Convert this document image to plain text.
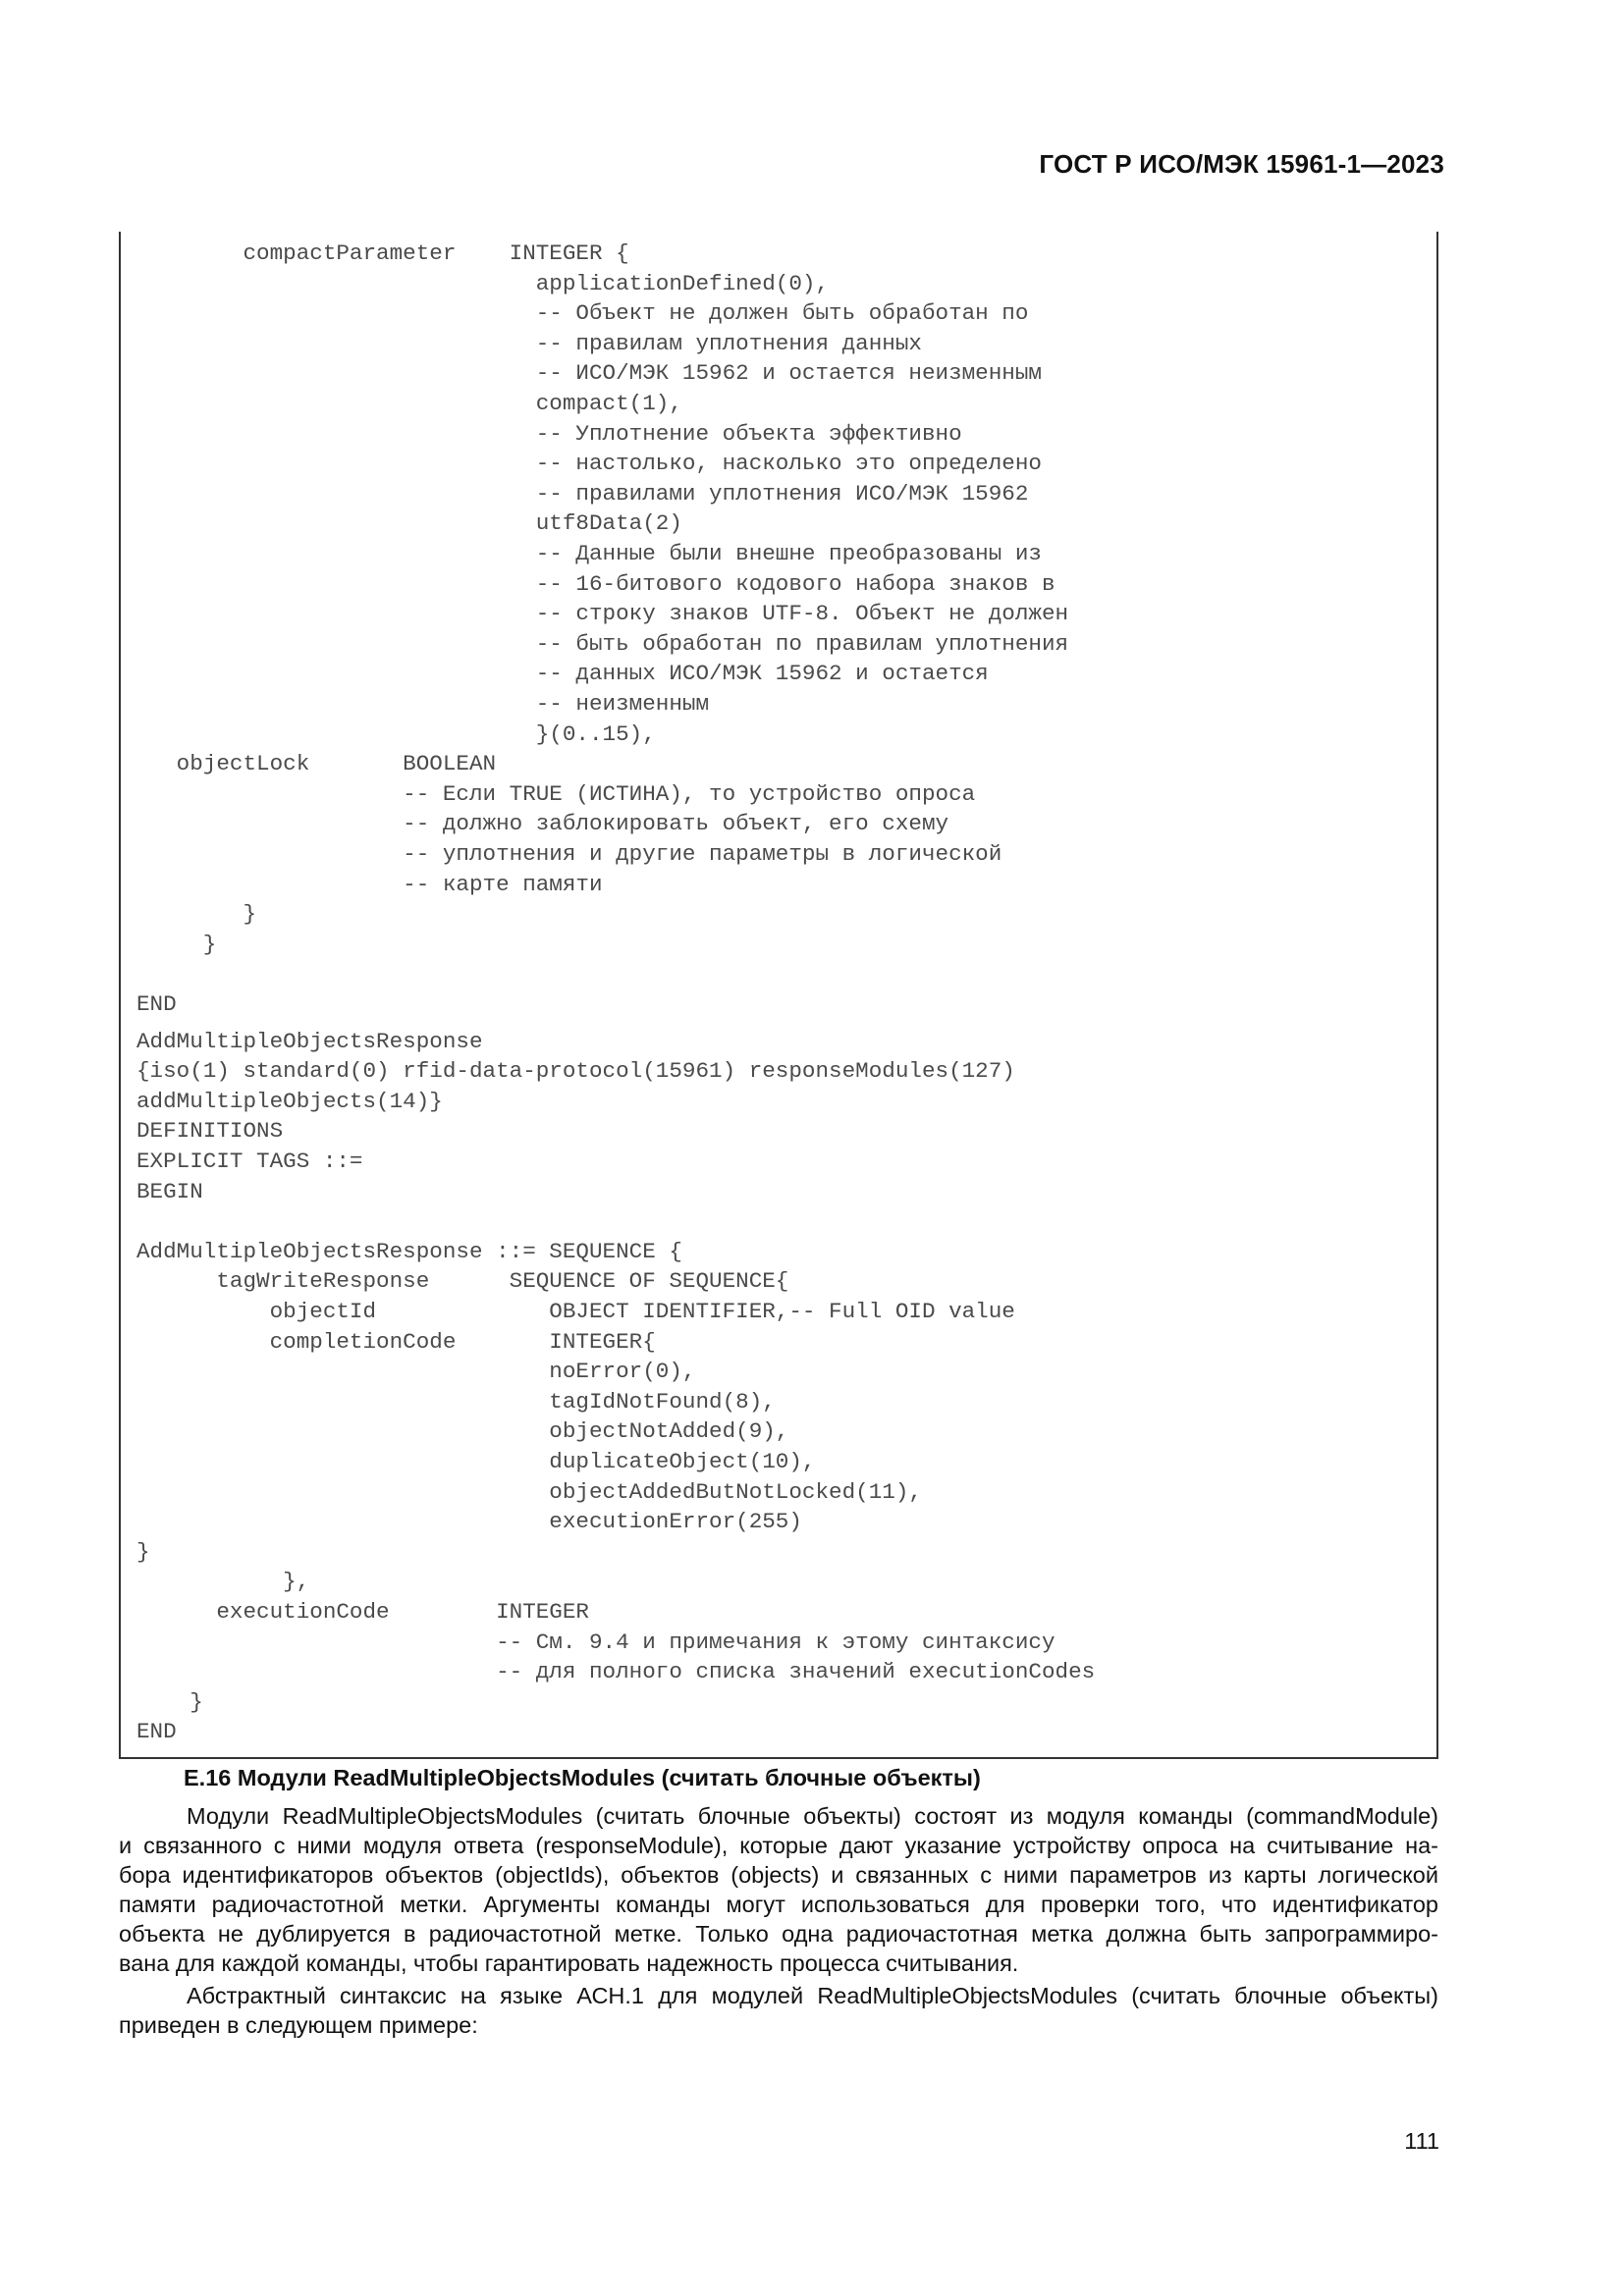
ГОСТ Р ИСО/МЭК 15961-1—2023
compactParameter    INTEGER {
applicationDefined(0),
-- Объект не должен быть обработан по
-- правилам уплотнения данных
-- ИСО/МЭК 15962 и остается неизменным
compact(1),
-- Уплотнение объекта эффективно
-- настолько, насколько это определено
-- правилами уплотнения ИСО/МЭК 15962
utf8Data(2)
-- Данные были внешне преобразованы из
-- 16-битового кодового набора знаков в
-- строку знаков UTF-8. Объект не должен
-- быть обработан по правилам уплотнения
-- данных ИСО/МЭК 15962 и остается
-- неизменным
}(0..15),
objectLock       BOOLEAN
-- Если TRUE (ИСТИНА), то устройство опроса
-- должно заблокировать объект, его схему
-- уплотнения и другие параметры в логической
-- карте памяти
}
}
END
AddMultipleObjectsResponse
{iso(1) standard(0) rfid-data-protocol(15961) responseModules(127)
addMultipleObjects(14)}
DEFINITIONS
EXPLICIT TAGS ::=
BEGIN
AddMultipleObjectsResponse ::= SEQUENCE {
tagWriteResponse      SEQUENCE OF SEQUENCE{
objectId             OBJECT IDENTIFIER,-- Full OID value
completionCode       INTEGER{
noError(0),
tagIdNotFound(8),
objectNotAdded(9),
duplicateObject(10),
objectAddedButNotLocked(11),
executionError(255)
}
},
executionCode        INTEGER
-- См. 9.4 и примечания к этому синтаксису
-- для полного списка значений executionCodes
}
END
E.16 Модули ReadMultipleObjectsModules (считать блочные объекты)

Модули ReadMultipleObjectsModules (считать блочные объекты) состоят из модуля команды (commandModule)

и связанного с ними модуля ответа (responseModule), которые дают указание устройству опроса на считывание на-

бора идентификаторов объектов (objectIds), объектов (objects) и связанных с ними параметров из карты логической

памяти радиочастотной метки. Аргументы команды могут использоваться для проверки того, что идентификатор

объекта не дублируется в радиочастотной метке. Только одна радиочастотная метка должна быть запрограммиро-

вана для каждой команды, чтобы гарантировать надежность процесса считывания.

Абстрактный синтаксис на языке АСН.1 для модулей ReadMultipleObjectsModules (считать блочные объекты)

приведен в следующем примере:

111
